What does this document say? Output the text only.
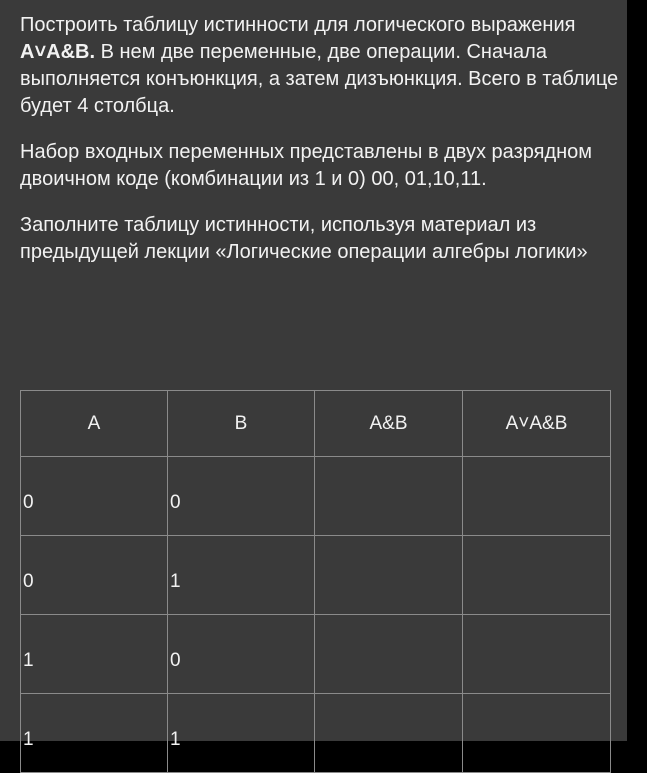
Построить таблицу истинности для логического выражения A˅A&B. В нем две переменные, две операции. Сначала выполняется конъюнкция, а затем дизъюнкция. Всего в таблице будет 4 столбца.

Набор входных переменных представлены в двух разрядном двоичном коде (комбинации из 1 и 0) 00, 01,10,11.

Заполните таблицу истинности, используя материал из предыдущей лекции «Логические операции алгебры логики»

A	B	A&B	A˅A&B
0	0		
0	1		
1	0		
1	1		
